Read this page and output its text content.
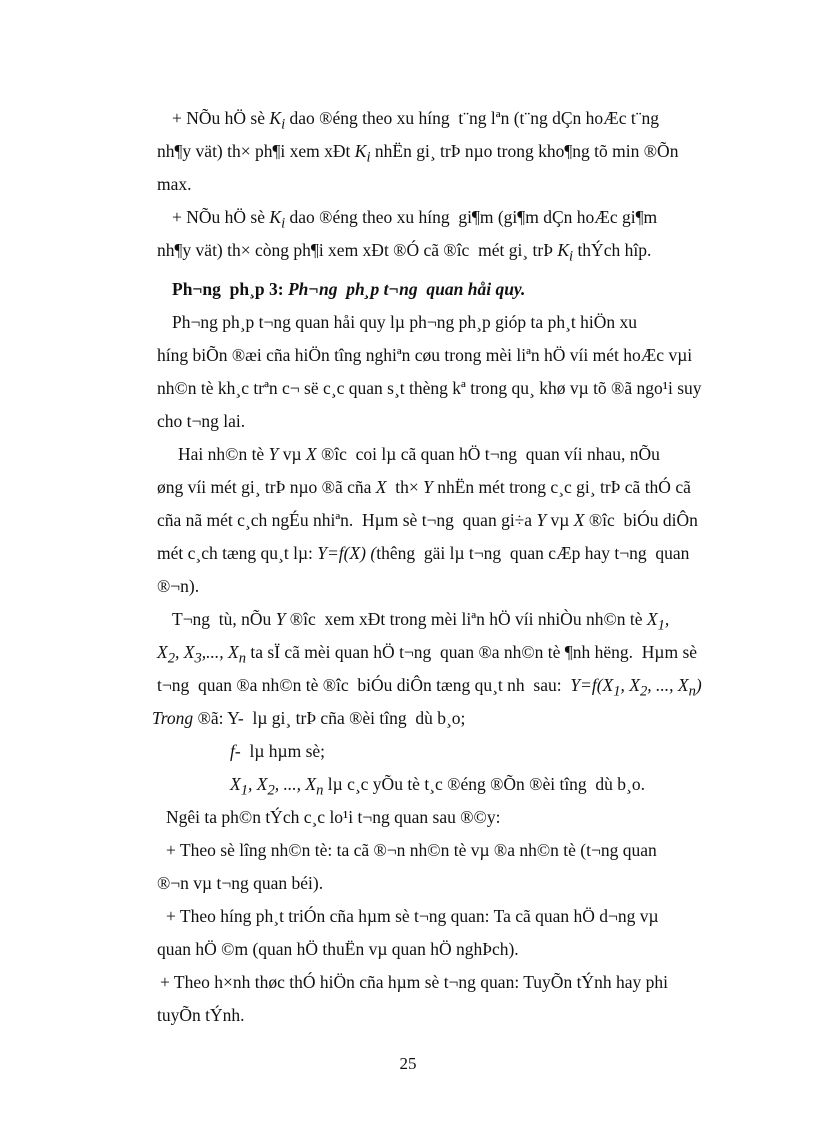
+ NÕu hÖ sè $K_i$ dao ®éng theo xu híng  t¨ng lªn (t¨ng dÇn hoÆc t¨ng
nh¶y vät) th× ph¶i xem xÐt $K_i$ nhËn gi¸ trÞ nµo trong kho¶ng tõ min ®Õn
max.
+ NÕu hÖ sè $K_i$ dao ®éng theo xu híng  gi¶m (gi¶m dÇn hoÆc gi¶m
nh¶y vät) th× còng ph¶i xem xÐt ®Ó cã ®îc  mét gi¸ trÞ $K_i$ thÝch hîp.
Ph¬ng  ph¸p 3: Ph¬ng  ph¸p t¬ng  quan håi quy.
Ph¬ng ph¸p t¬ng quan håi quy lµ ph¬ng ph¸p gióp ta ph¸t hiÖn xu
híng biÕn ®æi cña hiÖn tîng nghiªn cøu trong mèi liªn hÖ víi mét hoÆc vµi
nh©n tè kh¸c trªn c¬ së c¸c quan s¸t thèng kª trong qu¸ khø vµ tõ ®ã ngo¹i suy
cho t¬ng lai.
Hai nh©n tè Y vµ X ®îc  coi lµ cã quan hÖ t¬ng  quan víi nhau, nÕu
øng víi mét gi¸ trÞ nµo ®ã cña X  th× Y nhËn mét trong c¸c gi¸ trÞ cã thÓ cã
cña nã mét c¸ch ngÉu nhiªn.  Hµm sè t¬ng  quan gi÷a Y vµ X ®îc  biÓu diÔn
mét c¸ch tæng qu¸t lµ: Y=f(X) (thêng  gäi lµ t¬ng  quan cÆp hay t¬ng  quan
®¬n).
T¬ng  tù, nÕu Y ®îc  xem xÐt trong mèi liªn hÖ víi nhiÒu nh©n tè $X_1$,
$X_2$, $X_3$,..., $X_n$ ta sÏ cã mèi quan hÖ t¬ng  quan ®a nh©n tè ¶nh hëng.  Hµm sè
t¬ng  quan ®a nh©n tè ®îc  biÓu diÔn tæng qu¸t nh  sau:  $Y=f(X_1$, $X_2$, ..., $X_n$)
Trong ®ã: Y-  lµ gi¸ trÞ cña ®èi tîng  dù b¸o;
f-  lµ hµm sè;
$X_1$, $X_2$, ..., $X_n$ lµ c¸c yÕu tè t¸c ®éng ®Õn ®èi tîng  dù b¸o.
Ngêi ta ph©n tÝch c¸c lo¹i t¬ng quan sau ®©y:
+ Theo sè lîng nh©n tè: ta cã ®¬n nh©n tè vµ ®a nh©n tè (t¬ng quan
®¬n vµ t¬ng quan béi).
+ Theo híng ph¸t triÓn cña hµm sè t¬ng quan: Ta cã quan hÖ d¬ng vµ
quan hÖ ©m (quan hÖ thuËn vµ quan hÖ nghÞch).
+ Theo h×nh thøc thÓ hiÖn cña hµm sè t¬ng quan: TuyÕn tÝnh hay phi
tuyÕn tÝnh.
25
